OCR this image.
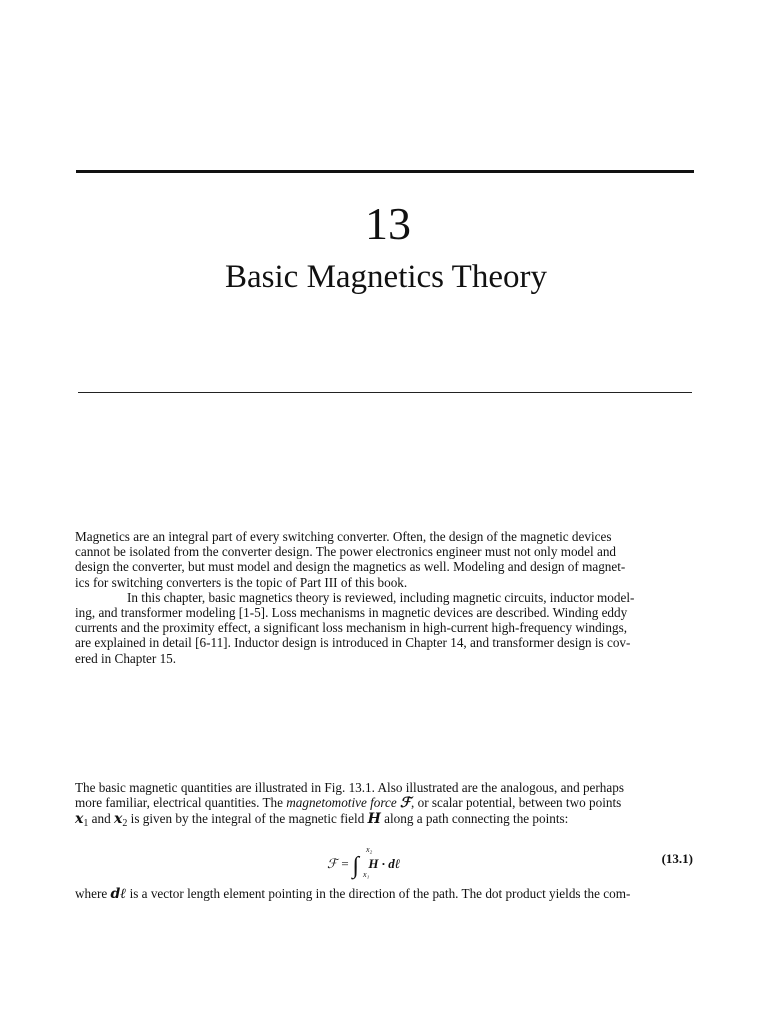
13
Basic Magnetics Theory
Magnetics are an integral part of every switching converter. Often, the design of the magnetic devices
cannot be isolated from the converter design. The power electronics engineer must not only model and
design the converter, but must model and design the magnetics as well. Modeling and design of magnet-
ics for switching converters is the topic of Part III of this book.
In this chapter, basic magnetics theory is reviewed, including magnetic circuits, inductor model-
ing, and transformer modeling [1-5]. Loss mechanisms in magnetic devices are described. Winding eddy
currents and the proximity effect, a significant loss mechanism in high-current high-frequency windings,
are explained in detail [6-11]. Inductor design is introduced in Chapter 14, and transformer design is cov-
ered in Chapter 15.
The basic magnetic quantities are illustrated in Fig. 13.1. Also illustrated are the analogous, and perhaps
more familiar, electrical quantities. The magnetomotive force ℱ, or scalar potential, between two points
$x_1$ and $x_2$ is given by the integral of the magnetic field H along a path connecting the points:
ℱ = ∫
x₂
x₁
H · dℓ	(13.1)
where dℓ is a vector length element pointing in the direction of the path. The dot product yields the com-
